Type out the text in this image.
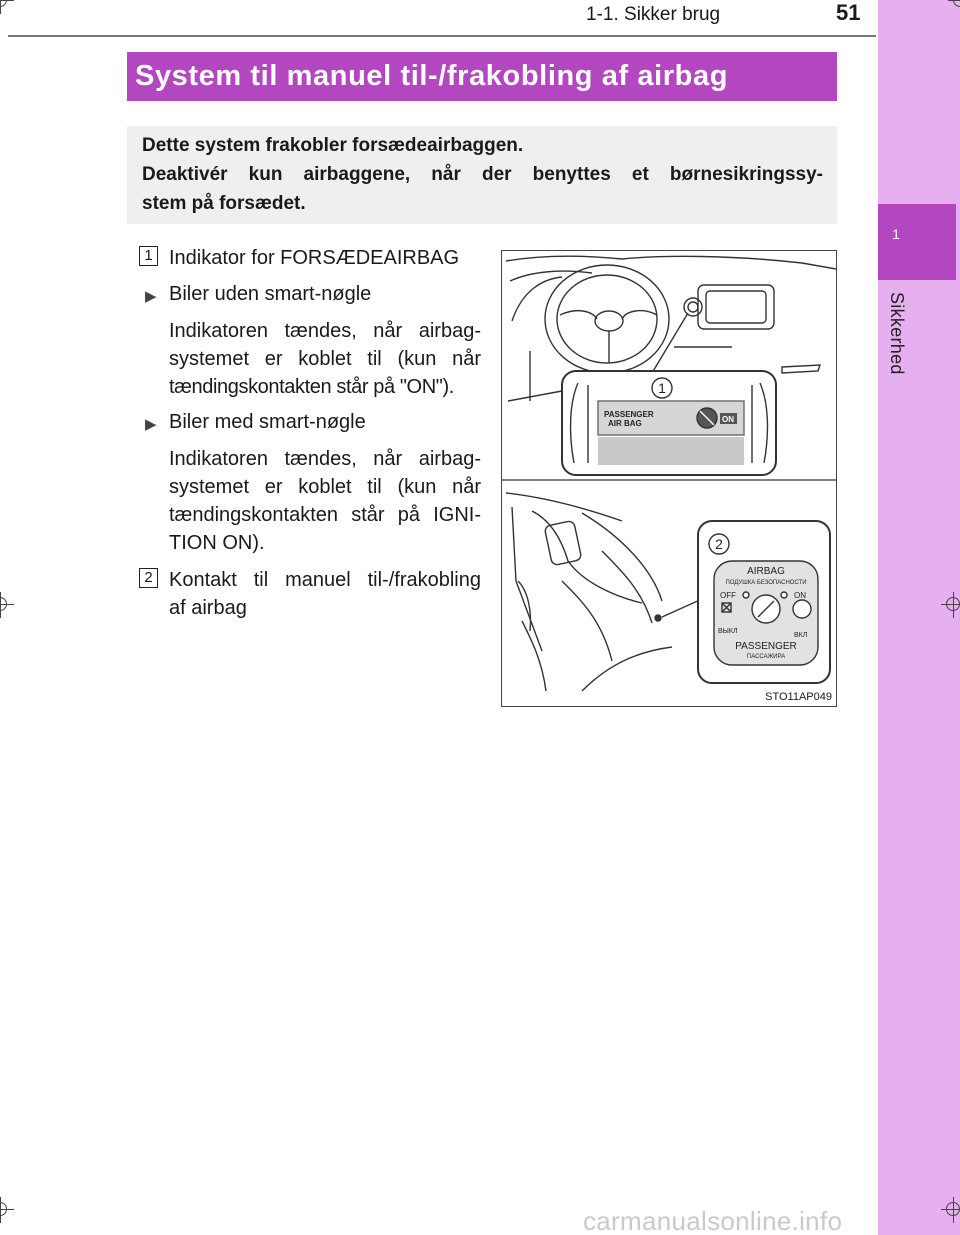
1-1. Sikker brug	51
1
Sikkerhed
System til manuel til-/frakobling af airbag
Dette system frakobler forsædeairbaggen.
Deaktivér kun airbaggene, når der benyttes et børnesikringssy-
stem på forsædet.
1 Indikator for FORSÆDEAIRBAG
▶ Biler uden smart-nøgle
Indikatoren tændes, når airbag-
systemet er koblet til (kun når
tændingskontakten står på "ON").
▶ Biler med smart-nøgle
Indikatoren tændes, når airbag-
systemet er koblet til (kun når
tændingskontakten står på IGNI-
TION ON).
2 Kontakt til manuel til-/frakobling
af airbag
1
PASSENGER
AIR BAG	ON
2
AIRBAG
ПОДУШКА БЕЗОПАСНОСТИ
OFF	ON
ВЫКЛ
ВКЛ
PASSENGER
ПАССАЖИРА
STO11AP049
carmanualsonline.info
